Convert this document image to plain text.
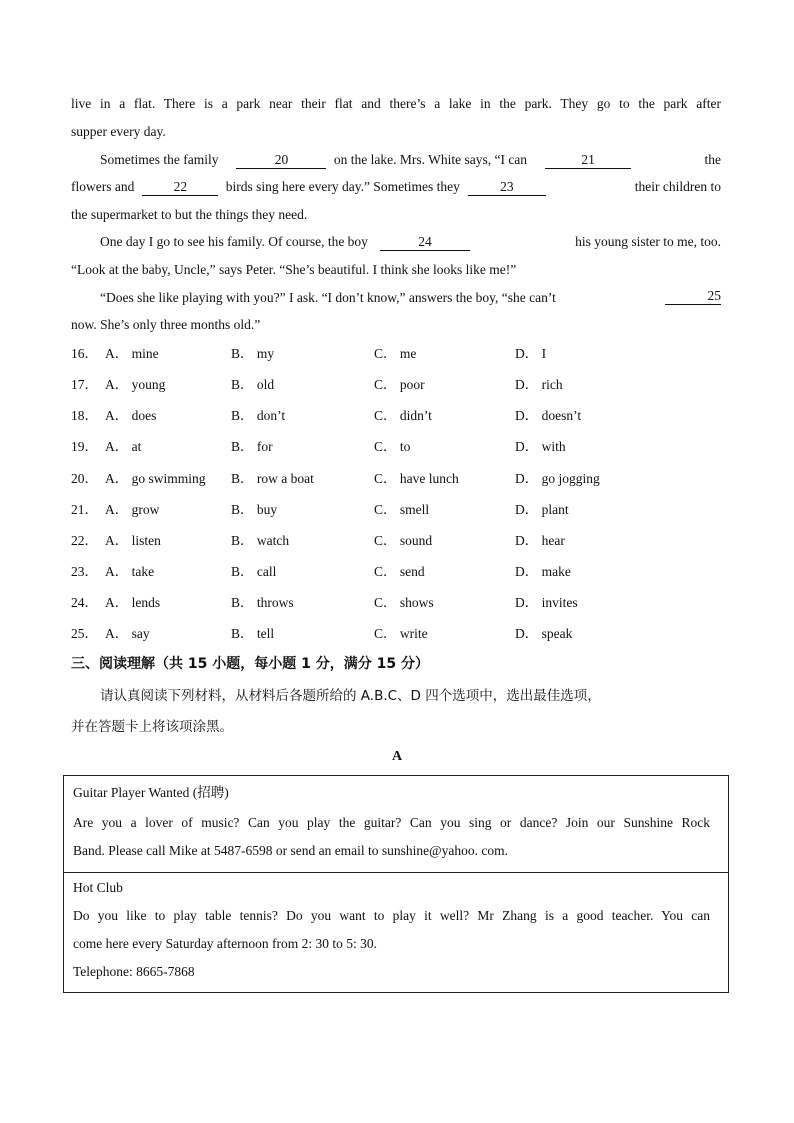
live in a flat. There is a park near their flat and there’s a lake in the park. They go to the park after
supper every day.
Sometimes the family	20	on the lake. Mrs. White says, “I can	21	the
flowers and	22	birds sing here every day.” Sometimes they	23	their children to
the supermarket to but the things they need.
One day I go to see his family. Of course, the boy	24	his young sister to me, too.
“Look at the baby, Uncle,” says Peter. “She’s beautiful. I think she looks like me!”
“Does she like playing with you?” I ask. “I don’t know,” answers the boy, “she can’t	25
now. She’s only three months old.”
16． A． mine	B． my	C． me	D． I
17． A． young	B． old	C． poor	D． rich
18． A． does	B． don’t	C． didn’t	D． doesn’t
19． A． at	B． for	C． to	D． with
20． A． go swimming B． row a boat	C． have lunch	D． go jogging
21． A． grow	B． buy	C． smell	D． plant
22． A． listen	B． watch	C． sound	D． hear
23． A． take	B． call	C． send	D． make
24． A． lends	B． throws	C． shows	D． invites
25． A． say	B． tell	C． write	D． speak
三、阅读理解（共 15 小题，每小题 1 分，满分 15 分）
请认真阅读下列材料，从材料后各题所给的 A.B.C、D 四个选项中，选出最佳选项，
并在答题卡上将该项涂黑。
A
Guitar Player Wanted (招聘)
Are you a lover of music? Can you play the guitar? Can you sing or dance? Join our Sunshine Rock
Band. Please call Mike at 5487-6598 or send an email to sunshine@yahoo. com.
Hot Club
Do you like to play table tennis? Do you want to play it well? Mr Zhang is a good teacher. You can
come here every Saturday afternoon from 2: 30 to 5: 30.
Telephone: 8665-7868
